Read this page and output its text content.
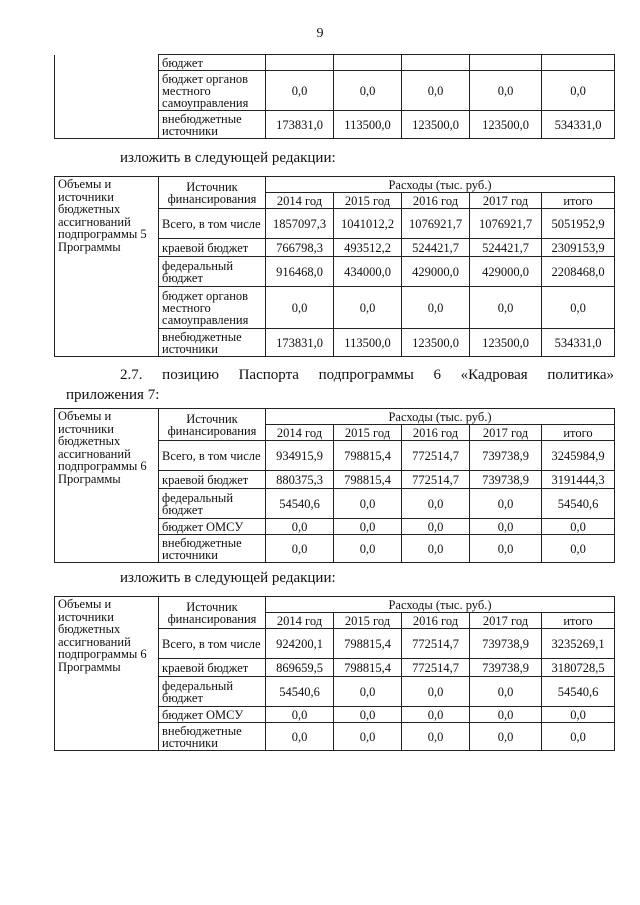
9
	бюджет					
	бюджет органов местного самоуправления	0,0	0,0	0,0	0,0	0,0
	внебюджетные источники	173831,0	113500,0	123500,0	123500,0	534331,0
изложить в следующей редакции:
Объемы и источники бюджетных ассигнований подпрограммы 5 Программы	Источник финансирования	Расходы (тыс. руб.)				
		2014 год	2015 год	2016 год	2017 год	итого
	Всего, в том числе	1857097,3	1041012,2	1076921,7	1076921,7	5051952,9
	краевой бюджет	766798,3	493512,2	524421,7	524421,7	2309153,9
	федеральный бюджет	916468,0	434000,0	429000,0	429000,0	2208468,0
	бюджет органов местного самоуправления	0,0	0,0	0,0	0,0	0,0
	внебюджетные источники	173831,0	113500,0	123500,0	123500,0	534331,0
2.7. позицию Паспорта подпрограммы 6 «Кадровая политика»
приложения 7:
Объемы и источники бюджетных ассигнований подпрограммы 6 Программы	Источник финансирования	Расходы (тыс. руб.)				
		2014 год	2015 год	2016 год	2017 год	итого
	Всего, в том числе	934915,9	798815,4	772514,7	739738,9	3245984,9
	краевой бюджет	880375,3	798815,4	772514,7	739738,9	3191444,3
	федеральный бюджет	54540,6	0,0	0,0	0,0	54540,6
	бюджет ОМСУ	0,0	0,0	0,0	0,0	0,0
	внебюджетные источники	0,0	0,0	0,0	0,0	0,0
изложить в следующей редакции:
Объемы и источники бюджетных ассигнований подпрограммы 6 Программы	Источник финансирования	Расходы (тыс. руб.)				
		2014 год	2015 год	2016 год	2017 год	итого
	Всего, в том числе	924200,1	798815,4	772514,7	739738,9	3235269,1
	краевой бюджет	869659,5	798815,4	772514,7	739738,9	3180728,5
	федеральный бюджет	54540,6	0,0	0,0	0,0	54540,6
	бюджет ОМСУ	0,0	0,0	0,0	0,0	0,0
	внебюджетные источники	0,0	0,0	0,0	0,0	0,0
